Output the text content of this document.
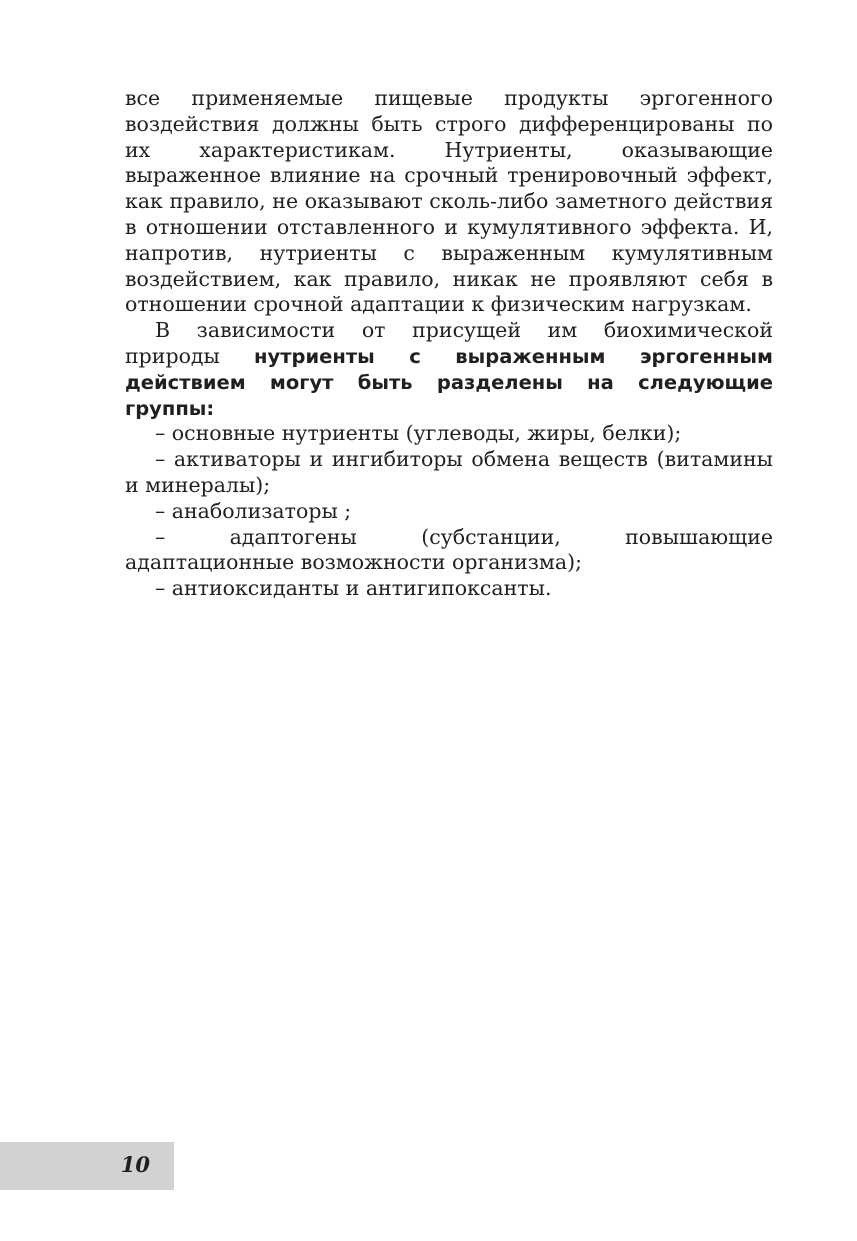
все применяемые пищевые продукты эргогенного воздействия должны быть строго дифференцированы по их характеристикам. Нутриенты, оказывающие выраженное влияние на срочный тренировочный эффект, как правило, не оказывают сколь-либо заметного действия в отношении отставленного и кумулятивного эффекта. И, напротив, нутриенты с выраженным кумулятивным воздействием, как правило, никак не проявляют себя в отношении срочной адаптации к физическим нагрузкам.

В зависимости от присущей им биохимической природы нутриенты с выраженным эргогенным действием могут быть разделены на следующие группы:

– основные нутриенты (углеводы, жиры, белки);

– активаторы и ингибиторы обмена веществ (витамины и минералы);

– анаболизаторы ;

– адаптогены (субстанции, повышающие адаптационные возможности организма);

– антиоксиданты и антигипоксанты.

10
